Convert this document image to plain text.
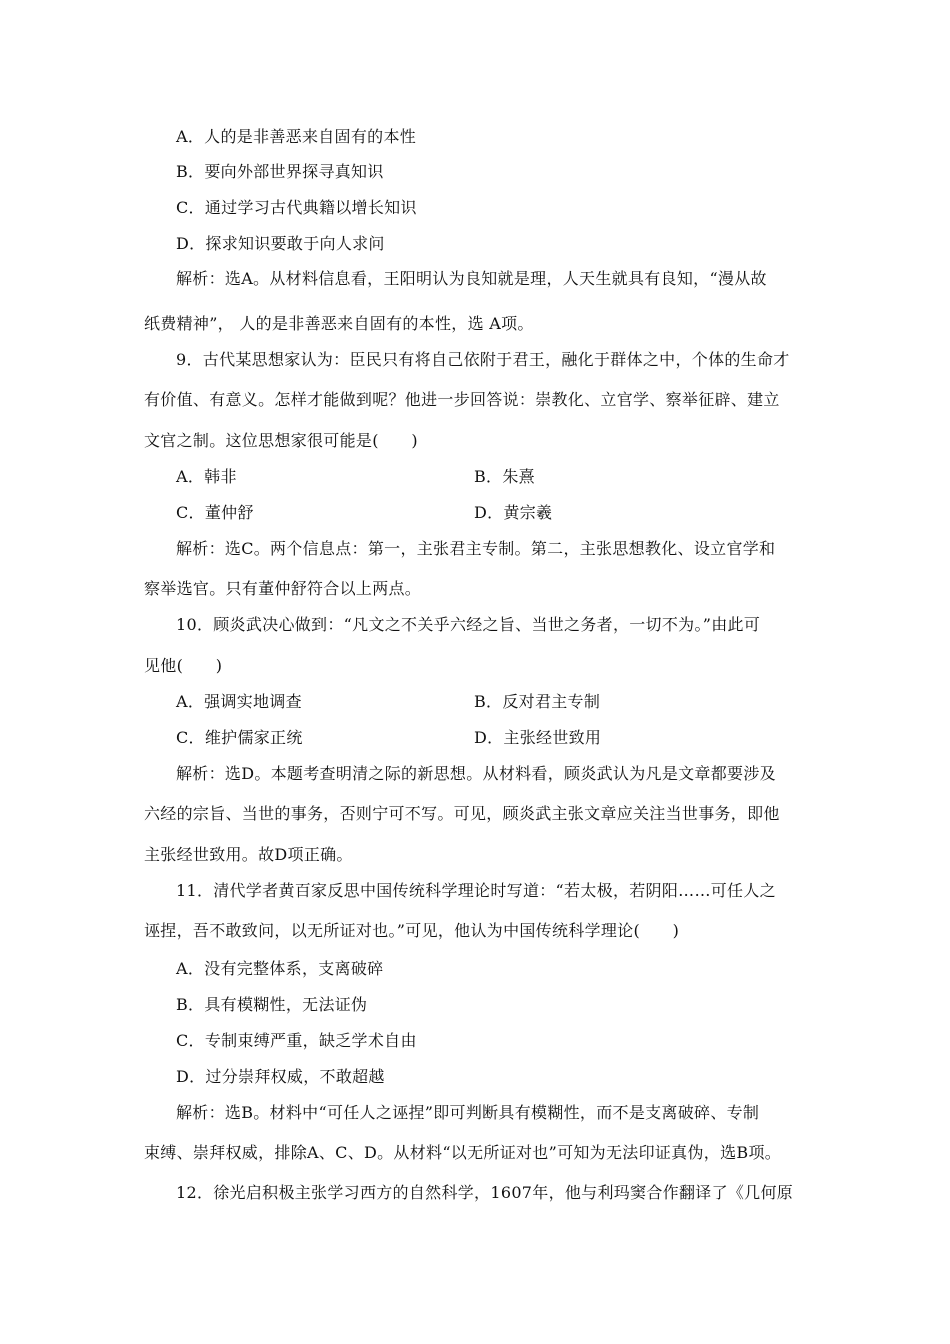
A．人的是非善恶来自固有的本性
B．要向外部世界探寻真知识
C．通过学习古代典籍以增长知识
D．探求知识要敢于向人求问
解析：选A。从材料信息看，王阳明认为良知就是理，人天生就具有良知，“漫从故
纸费精神”， 人的是非善恶来自固有的本性，选 A项。
9．古代某思想家认为：臣民只有将自己依附于君王，融化于群体之中，个体的生命才
有价值、有意义。怎样才能做到呢？他进一步回答说：崇教化、立官学、察举征辟、建立
文官之制。这位思想家很可能是(　　)
A．韩非	B．朱熹
C．董仲舒	D．黄宗羲
解析：选C。两个信息点：第一，主张君主专制。第二，主张思想教化、设立官学和
察举选官。只有董仲舒符合以上两点。
10．顾炎武决心做到：“凡文之不关乎六经之旨、当世之务者，一切不为。”由此可
见他(　　)
A．强调实地调查	B．反对君主专制
C．维护儒家正统	D．主张经世致用
解析：选D。本题考查明清之际的新思想。从材料看，顾炎武认为凡是文章都要涉及
六经的宗旨、当世的事务，否则宁可不写。可见，顾炎武主张文章应关注当世事务，即他
主张经世致用。故D项正确。
11．清代学者黄百家反思中国传统科学理论时写道：“若太极，若阴阳……可任人之
诬捏，吾不敢致问，以无所证对也。”可见，他认为中国传统科学理论(　　)
A．没有完整体系，支离破碎
B．具有模糊性，无法证伪
C．专制束缚严重，缺乏学术自由
D．过分崇拜权威，不敢超越
解析：选B。材料中“可任人之诬捏”即可判断具有模糊性，而不是支离破碎、专制
束缚、崇拜权威，排除A、C、D。从材料“以无所证对也”可知为无法印证真伪，选B项。
12．徐光启积极主张学习西方的自然科学，1607年，他与利玛窦合作翻译了《几何原
